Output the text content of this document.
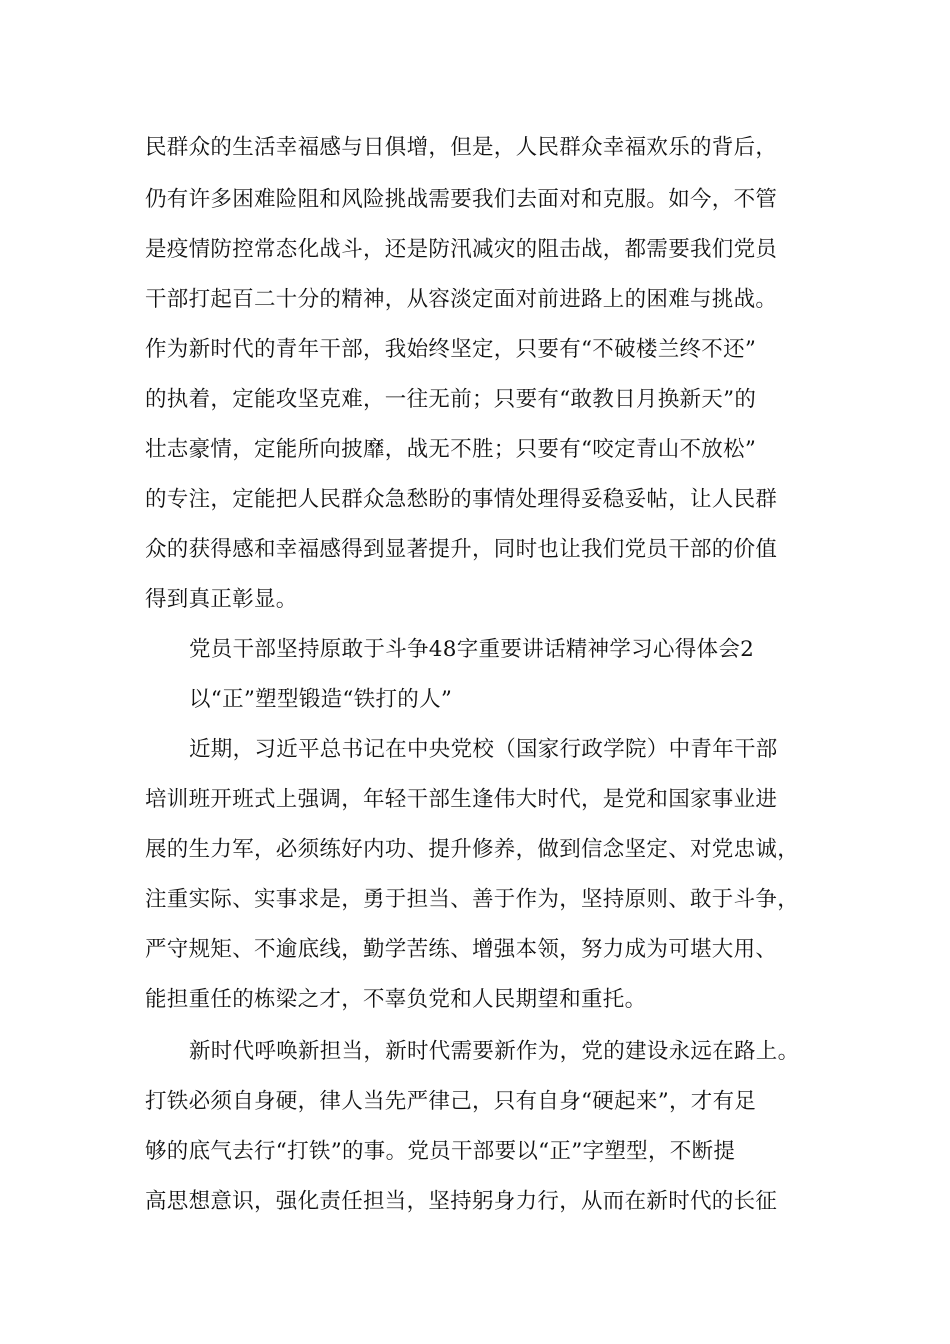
民群众的生活幸福感与日俱增，但是，人民群众幸福欢乐的背后，
仍有许多困难险阻和风险挑战需要我们去面对和克服。如今，不管
是疫情防控常态化战斗，还是防汛减灾的阻击战，都需要我们党员
干部打起百二十分的精神，从容淡定面对前进路上的困难与挑战。
作为新时代的青年干部，我始终坚定，只要有“不破楼兰终不还”
的执着，定能攻坚克难，一往无前；只要有“敢教日月换新天”的
壮志豪情，定能所向披靡，战无不胜；只要有“咬定青山不放松”
的专注，定能把人民群众急愁盼的事情处理得妥稳妥帖，让人民群
众的获得感和幸福感得到显著提升，同时也让我们党员干部的价值
得到真正彰显。
党员干部坚持原敢于斗争48字重要讲话精神学习心得体会2
以“正”塑型锻造“铁打的人”
近期，习近平总书记在中央党校（国家行政学院）中青年干部
培训班开班式上强调，年轻干部生逢伟大时代，是党和国家事业进
展的生力军，必须练好内功、提升修养，做到信念坚定、对党忠诚，
注重实际、实事求是，勇于担当、善于作为，坚持原则、敢于斗争，
严守规矩、不逾底线，勤学苦练、增强本领，努力成为可堪大用、
能担重任的栋梁之才，不辜负党和人民期望和重托。
新时代呼唤新担当，新时代需要新作为，党的建设永远在路上。
打铁必须自身硬，律人当先严律己，只有自身“硬起来”，才有足
够的底气去行“打铁”的事。党员干部要以“正”字塑型，不断提
高思想意识，强化责任担当，坚持躬身力行，从而在新时代的长征
